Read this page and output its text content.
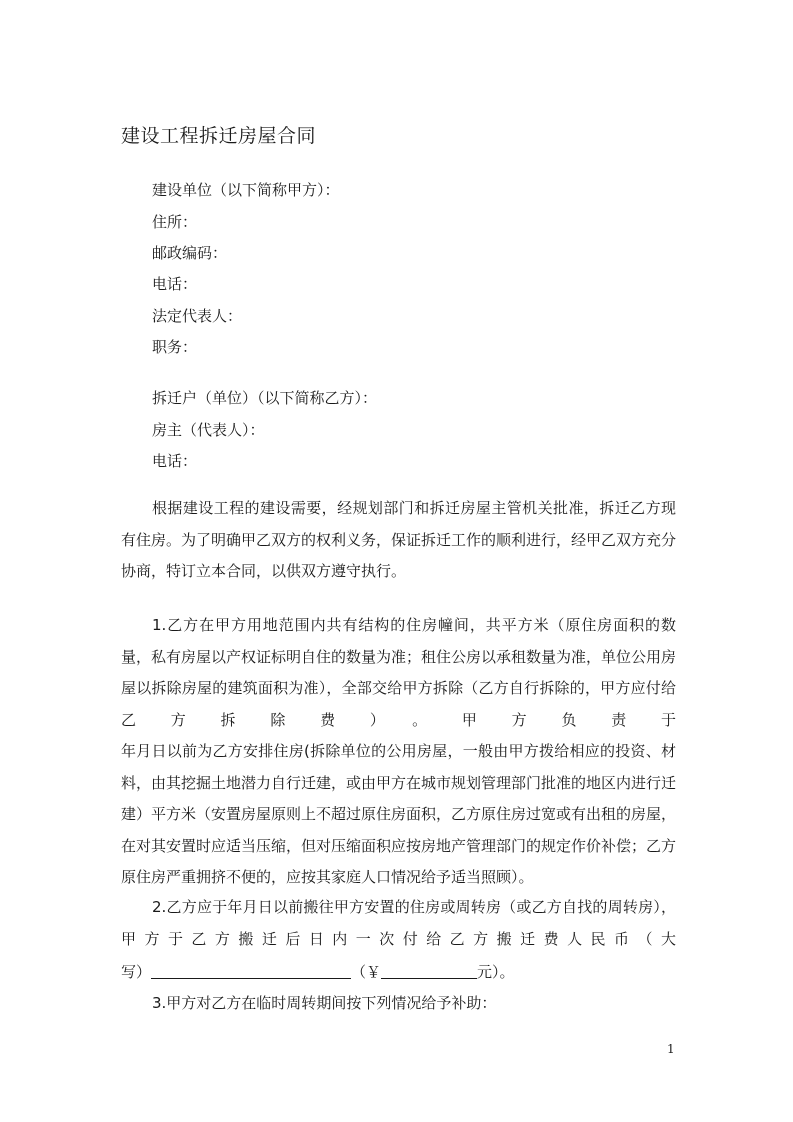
建设工程拆迁房屋合同
建设单位（以下简称甲方）：
住所：
邮政编码：
电话：
法定代表人：
职务：
拆迁户（单位）（以下简称乙方）：
房主（代表人）：
电话：
根据建设工程的建设需要，经规划部门和拆迁房屋主管机关批准，拆迁乙方现有住房。为了明确甲乙双方的权利义务，保证拆迁工作的顺利进行，经甲乙双方充分协商，特订立本合同，以供双方遵守执行。
1.乙方在甲方用地范围内共有结构的住房幢间，共平方米（原住房面积的数量，私有房屋以产权证标明自住的数量为准；租住公房以承租数量为准，单位公用房屋以拆除房屋的建筑面积为准），全部交给甲方拆除（乙方自行拆除的，甲方应付给乙方拆除费）。甲方负责于
年月日以前为乙方安排住房(拆除单位的公用房屋，一般由甲方拨给相应的投资、材料，由其挖掘土地潜力自行迁建，或由甲方在城市规划管理部门批准的地区内进行迁建）平方米（安置房屋原则上不超过原住房面积，乙方原住房过宽或有出租的房屋，在对其安置时应适当压缩，但对压缩面积应按房地产管理部门的规定作价补偿；乙方原住房严重拥挤不便的，应按其家庭人口情况给予适当照顾）。
2.乙方应于年月日以前搬往甲方安置的住房或周转房（或乙方自找的周转房），甲方于乙方搬迁后日内一次付给乙方搬迁费人民币（大
写）	（￥	元）。
3.甲方对乙方在临时周转期间按下列情况给予补助：
1
